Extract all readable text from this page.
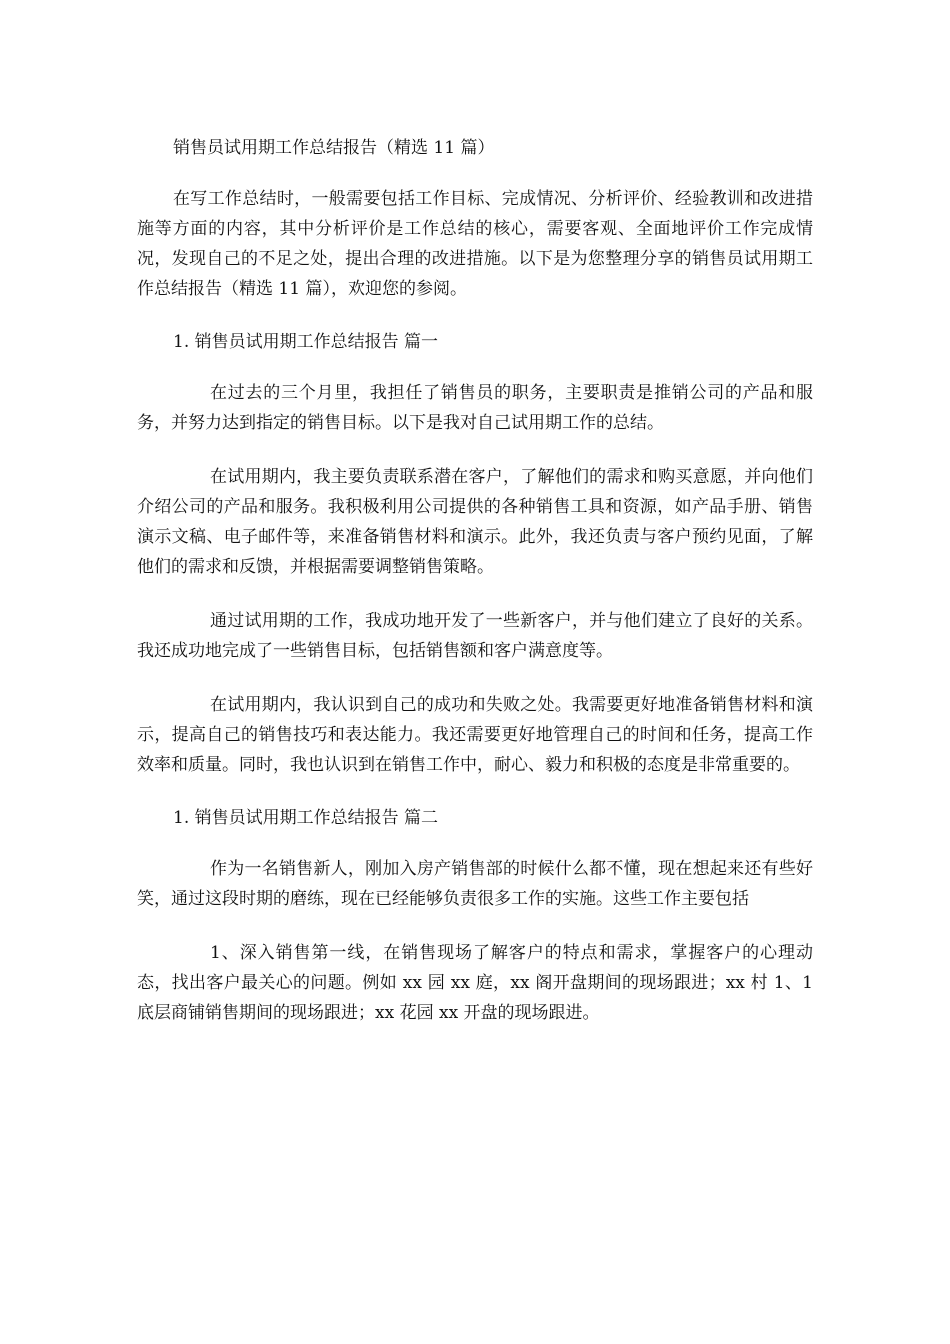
销售员试用期工作总结报告（精选 11 篇）

在写工作总结时，一般需要包括工作目标、完成情况、分析评价、经验教训和改进措施等方面的内容，其中分析评价是工作总结的核心，需要客观、全面地评价工作完成情况，发现自己的不足之处，提出合理的改进措施。以下是为您整理分享的销售员试用期工作总结报告（精选 11 篇），欢迎您的参阅。

1. 销售员试用期工作总结报告 篇一

在过去的三个月里，我担任了销售员的职务，主要职责是推销公司的产品和服务，并努力达到指定的销售目标。以下是我对自己试用期工作的总结。

在试用期内，我主要负责联系潜在客户，了解他们的需求和购买意愿，并向他们介绍公司的产品和服务。我积极利用公司提供的各种销售工具和资源，如产品手册、销售演示文稿、电子邮件等，来准备销售材料和演示。此外，我还负责与客户预约见面，了解他们的需求和反馈，并根据需要调整销售策略。

通过试用期的工作，我成功地开发了一些新客户，并与他们建立了良好的关系。我还成功地完成了一些销售目标，包括销售额和客户满意度等。

在试用期内，我认识到自己的成功和失败之处。我需要更好地准备销售材料和演示，提高自己的销售技巧和表达能力。我还需要更好地管理自己的时间和任务，提高工作效率和质量。同时，我也认识到在销售工作中，耐心、毅力和积极的态度是非常重要的。

1. 销售员试用期工作总结报告 篇二

作为一名销售新人，刚加入房产销售部的时候什么都不懂，现在想起来还有些好笑，通过这段时期的磨练，现在已经能够负责很多工作的实施。这些工作主要包括

1、深入销售第一线，在销售现场了解客户的特点和需求，掌握客户的心理动态，找出客户最关心的问题。例如 xx 园 xx 庭，xx 阁开盘期间的现场跟进；xx 村 1、1 底层商铺销售期间的现场跟进；xx 花园 xx 开盘的现场跟进。
